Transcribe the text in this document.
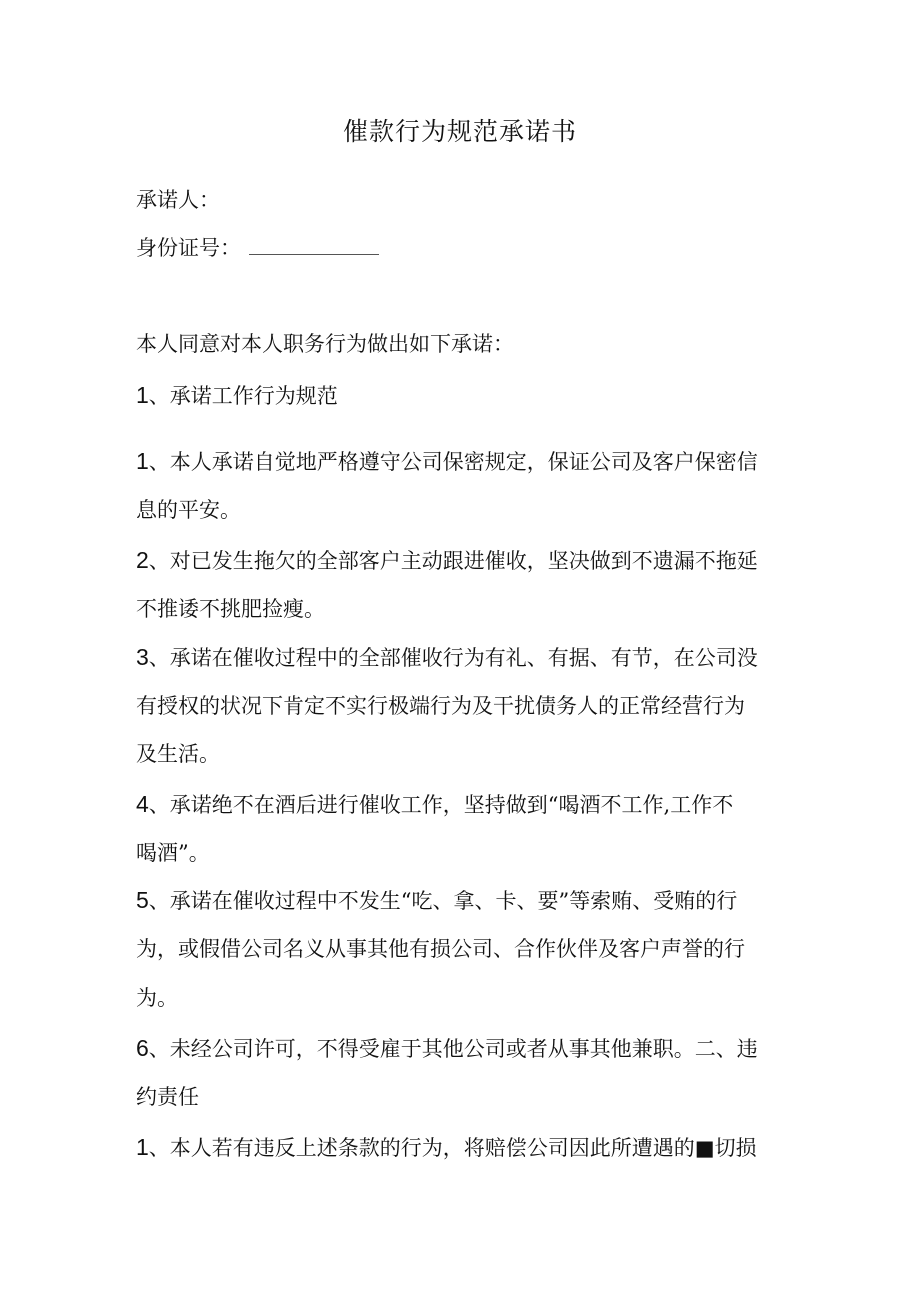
催款行为规范承诺书
承诺人：
身份证号：
本人同意对本人职务行为做出如下承诺：
1、承诺工作行为规范
1、本人承诺自觉地严格遵守公司保密规定，保证公司及客户保密信
息的平安。
2、对已发生拖欠的全部客户主动跟进催收，坚决做到不遗漏不拖延
不推诿不挑肥捡瘦。
3、承诺在催收过程中的全部催收行为有礼、有据、有节，在公司没
有授权的状况下肯定不实行极端行为及干扰债务人的正常经营行为
及生活。
4、承诺绝不在酒后进行催收工作，坚持做到“喝酒不工作,工作不
喝酒”。
5、承诺在催收过程中不发生“吃、拿、卡、要”等索贿、受贿的行
为，或假借公司名义从事其他有损公司、合作伙伴及客户声誉的行
为。
6、未经公司许可，不得受雇于其他公司或者从事其他兼职。二、违
约责任
1、本人若有违反上述条款的行为，将赔偿公司因此所遭遇的■切损
